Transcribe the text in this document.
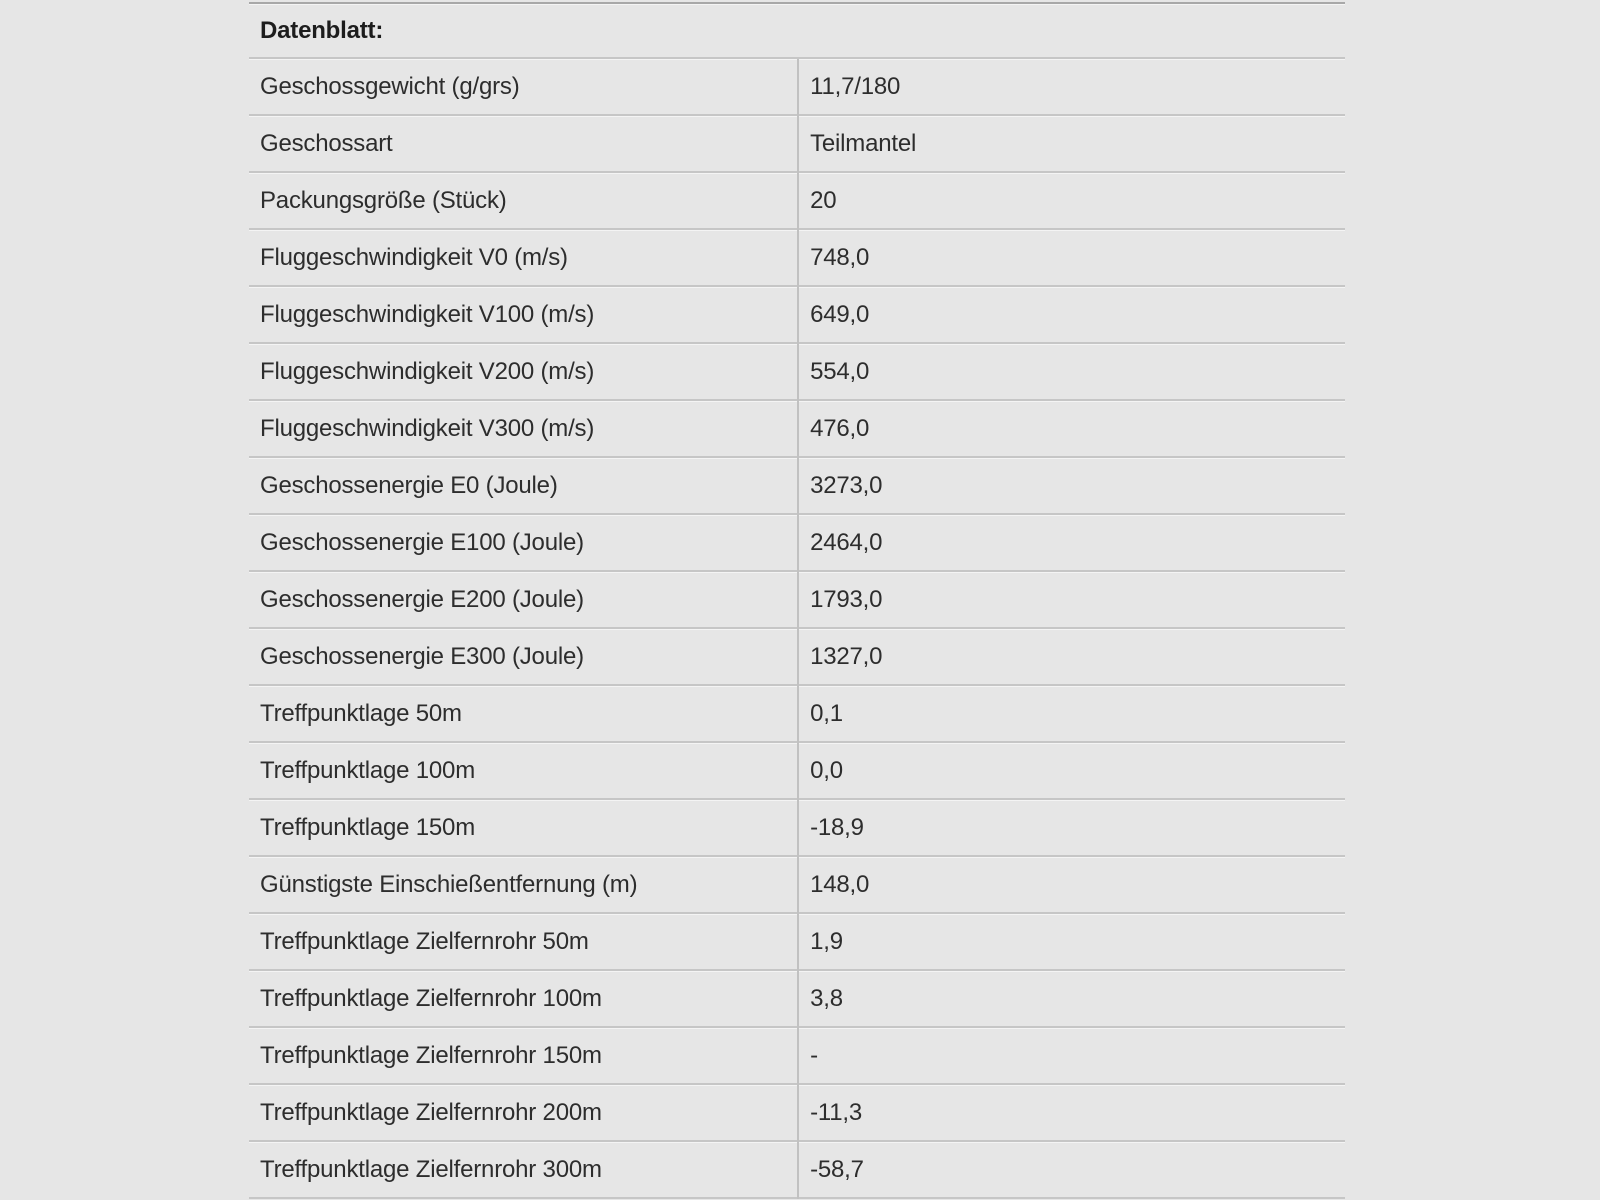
Datenblatt:	
Geschossgewicht (g/grs)	11,7/180
Geschossart	Teilmantel
Packungsgröße (Stück)	20
Fluggeschwindigkeit V0 (m/s)	748,0
Fluggeschwindigkeit V100 (m/s)	649,0
Fluggeschwindigkeit V200 (m/s)	554,0
Fluggeschwindigkeit V300 (m/s)	476,0
Geschossenergie E0 (Joule)	3273,0
Geschossenergie E100 (Joule)	2464,0
Geschossenergie E200 (Joule)	1793,0
Geschossenergie E300 (Joule)	1327,0
Treffpunktlage 50m	0,1
Treffpunktlage 100m	0,0
Treffpunktlage 150m	-18,9
Günstigste Einschießentfernung (m)	148,0
Treffpunktlage Zielfernrohr 50m	1,9
Treffpunktlage Zielfernrohr 100m	3,8
Treffpunktlage Zielfernrohr 150m	-
Treffpunktlage Zielfernrohr 200m	-11,3
Treffpunktlage Zielfernrohr 300m	-58,7
